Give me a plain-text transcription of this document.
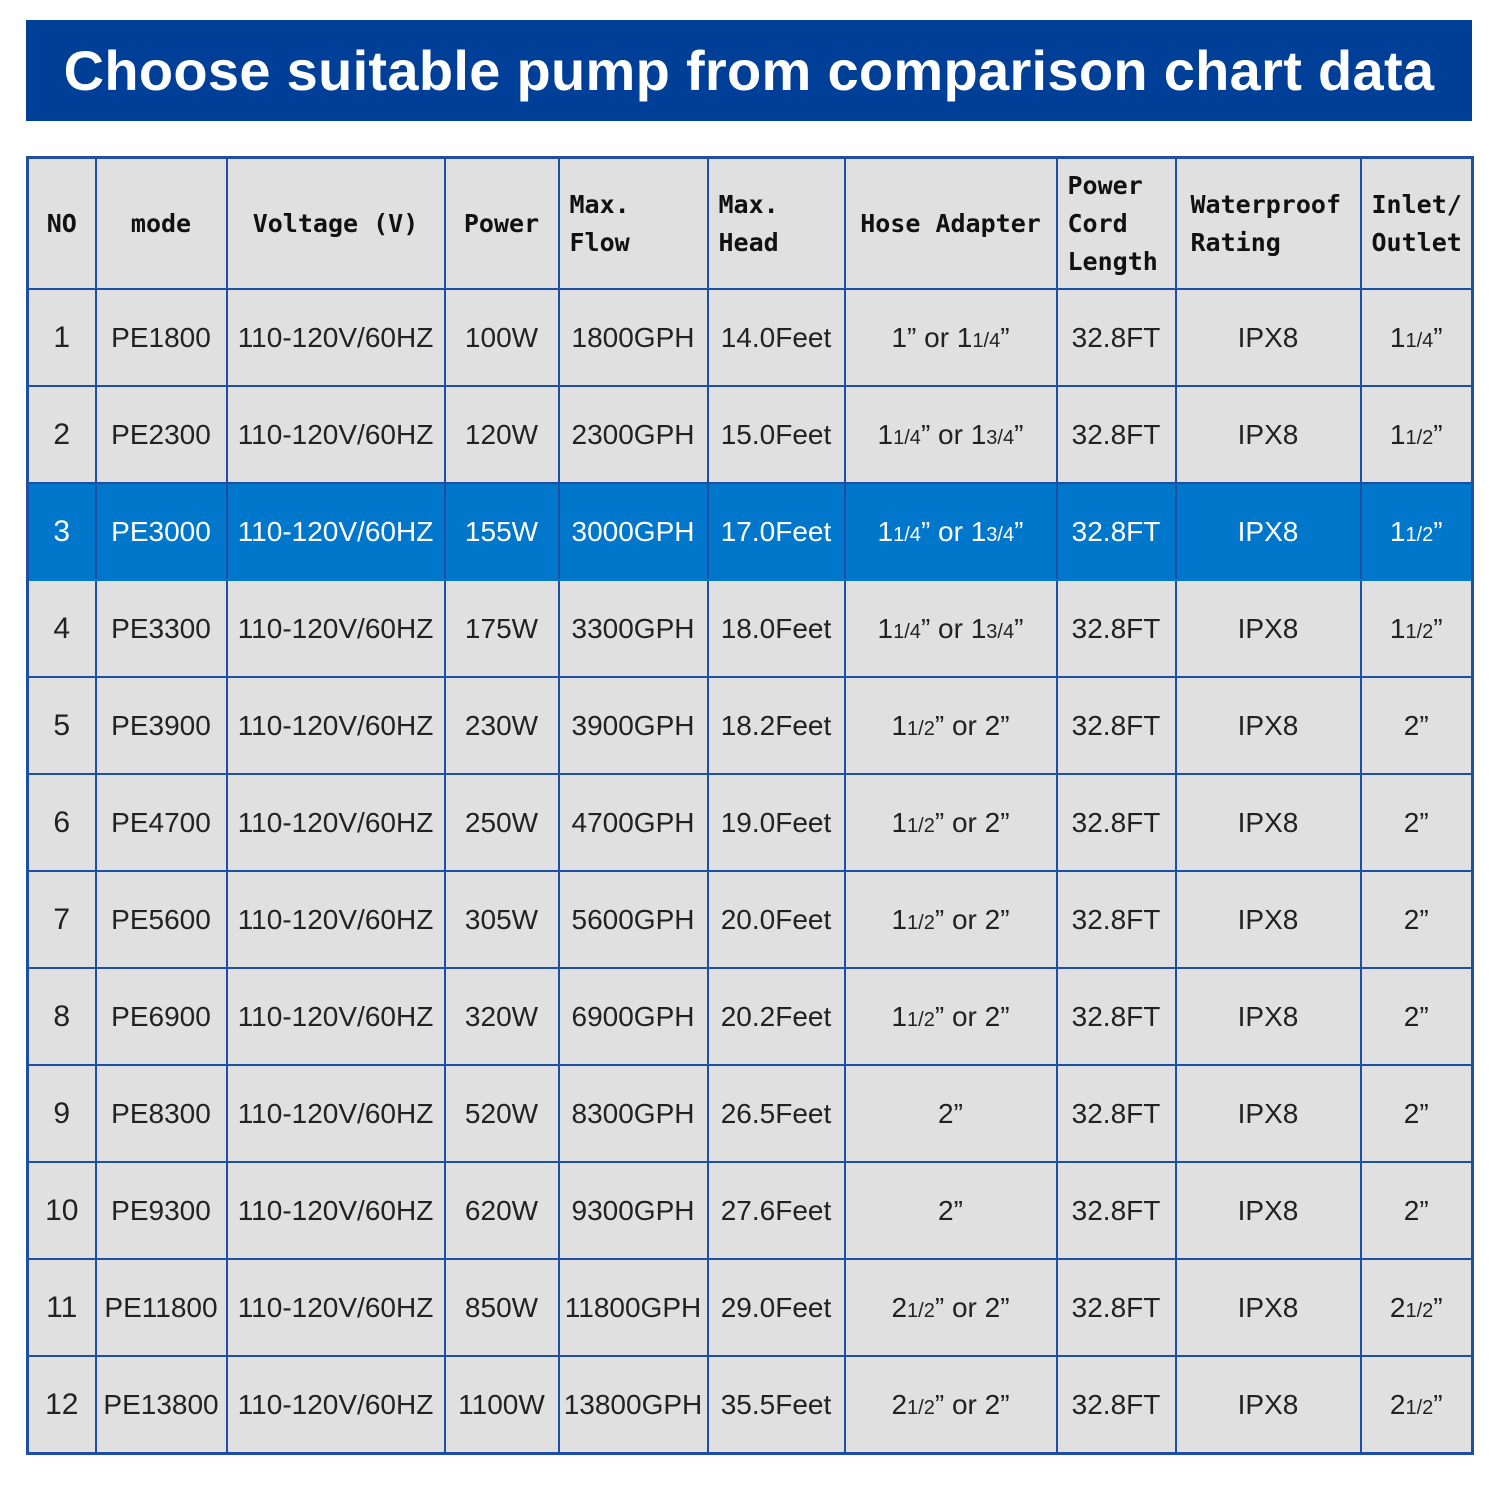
Choose suitable pump from comparison chart data
NO	mode	Voltage (V)	Power	Max. Flow	Max. Head	Hose Adapter	Power Cord Length	Waterproof Rating	Inlet/ Outlet
1	PE1800	110-120V/60HZ	100W	1800GPH	14.0Feet	1” or 11/4”	32.8FT	IPX8	11/4”
2	PE2300	110-120V/60HZ	120W	2300GPH	15.0Feet	11/4” or 13/4”	32.8FT	IPX8	11/2”
3	PE3000	110-120V/60HZ	155W	3000GPH	17.0Feet	11/4” or 13/4”	32.8FT	IPX8	11/2”
4	PE3300	110-120V/60HZ	175W	3300GPH	18.0Feet	11/4” or 13/4”	32.8FT	IPX8	11/2”
5	PE3900	110-120V/60HZ	230W	3900GPH	18.2Feet	11/2” or 2”	32.8FT	IPX8	2”
6	PE4700	110-120V/60HZ	250W	4700GPH	19.0Feet	11/2” or 2”	32.8FT	IPX8	2”
7	PE5600	110-120V/60HZ	305W	5600GPH	20.0Feet	11/2” or 2”	32.8FT	IPX8	2”
8	PE6900	110-120V/60HZ	320W	6900GPH	20.2Feet	11/2” or 2”	32.8FT	IPX8	2”
9	PE8300	110-120V/60HZ	520W	8300GPH	26.5Feet	2”	32.8FT	IPX8	2”
10	PE9300	110-120V/60HZ	620W	9300GPH	27.6Feet	2”	32.8FT	IPX8	2”
11	PE11800	110-120V/60HZ	850W	11800GPH	29.0Feet	21/2” or 2”	32.8FT	IPX8	21/2”
12	PE13800	110-120V/60HZ	1100W	13800GPH	35.5Feet	21/2” or 2”	32.8FT	IPX8	21/2”
